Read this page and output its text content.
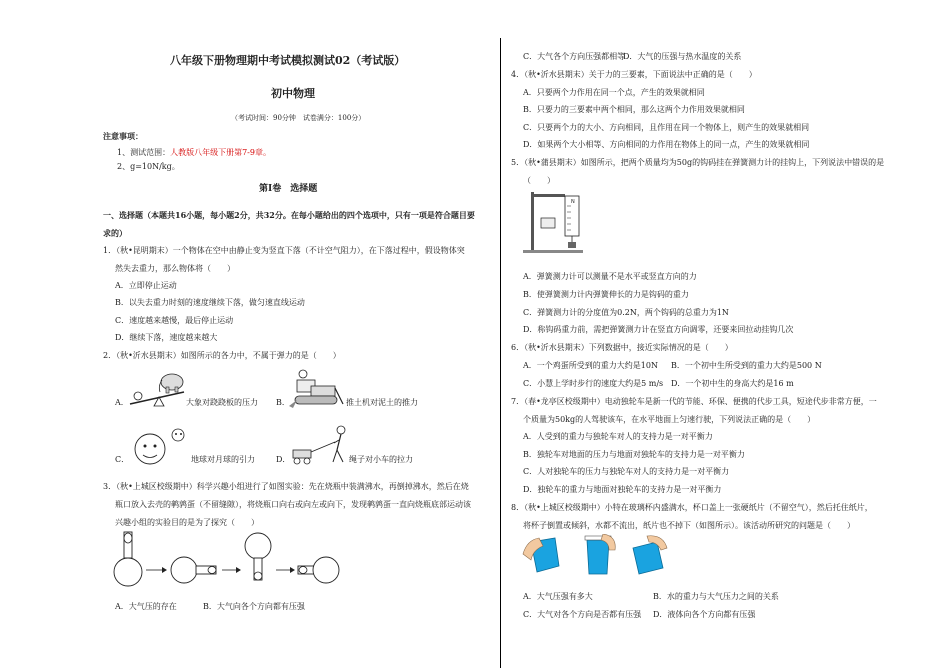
八年级下册物理期中考试模拟测试02（考试版）
初中物理
（考试时间：90分钟　试卷满分：100分）
注意事项：
1、测试范围：人教版八年级下册第7-9章。
2、g=10N/kg。
第Ⅰ卷　选择题
一、选择题（本题共16小题，每小题2分，共32分。在每小题给出的四个选项中，只有一项是符合题目要
求的）
1．（秋•昆明期末）一个物体在空中由静止变为竖直下落（不计空气阻力），在下落过程中，假设物体突
然失去重力，那么物体将（　　）
A．立即停止运动
B．以失去重力时刻的速度继续下落，做匀速直线运动
C．速度越来越慢，最后停止运动
D．继续下落，速度越来越大
2．（秋•沂水县期末）如图所示的各力中，不属于弹力的是（　　）
A．	大象对跷跷板的压力 B．	推土机对泥土的推力
C．	地球对月球的引力	D．	绳子对小车的拉力
3．（秋•上城区校级期中）科学兴趣小组进行了如图实验：先在烧瓶中装满沸水，再倒掉沸水，然后在烧
瓶口放入去壳的鹌鹑蛋（不留缝隙），将烧瓶口向右或向左或向下，发现鹌鹑蛋一直向烧瓶底部运动该
兴趣小组的实验目的是为了探究（　　）
A．大气压的存在	B．大气向各个方向都有压强
C．大气各个方向压强都相等
D．大气的压强与热水温度的关系
4．（秋•沂水县期末）关于力的三要素，下面说法中正确的是（　　）
A．只要两个力作用在同一个点，产生的效果就相同
B．只要力的三要素中两个相同，那么这两个力作用效果就相同
C．只要两个力的大小、方向相同，且作用在同一个物体上，则产生的效果就相同
D．如果两个大小相等、方向相同的力作用在物体上的同一点，产生的效果就相同
5．（秋•蒲县期末）如图所示，把两个质量均为50g的钩码挂在弹簧测力计的挂钩上，下列说法中错误的是
（　　）
N
A．弹簧测力计可以测量不是水平或竖直方向的力
B．使弹簧测力计内弹簧伸长的力是钩码的重力
C．弹簧测力计的分度值为0.2N，两个钩码的总重力为1N
D．称钩码重力前，需把弹簧测力计在竖直方向调零，还要来回拉动挂钩几次
6．（秋•沂水县期末）下列数据中，接近实际情况的是（　　）
A．一个鸡蛋所受到的重力大约是10N B．一个初中生所受到的重力大约是500 N
C．小慧上学时步行的速度大约是5 m/s D．一个初中生的身高大约是16 m
7．（春•龙亭区校级期中）电动独轮车是新一代的节能、环保、便携的代步工具，短途代步非常方便，一
个质量为50kg的人驾驶该车，在水平地面上匀速行驶，下列说法正确的是（　　）
A．人受到的重力与独轮车对人的支持力是一对平衡力
B．独轮车对地面的压力与地面对独轮车的支持力是一对平衡力
C．人对独轮车的压力与独轮车对人的支持力是一对平衡力
D．独轮车的重力与地面对独轮车的支持力是一对平衡力
8．（秋•上城区校级期中）小特在玻璃杯内盛满水，杯口盖上一张硬纸片（不留空气），然后托住纸片，
将杯子倒置或倾斜，水都不流出，纸片也不掉下（如图所示）。该活动所研究的问题是（　　）
A．大气压强有多大	B．水的重力与大气压力之间的关系
C．大气对各个方向是否都有压强 D．液体向各个方向都有压强
